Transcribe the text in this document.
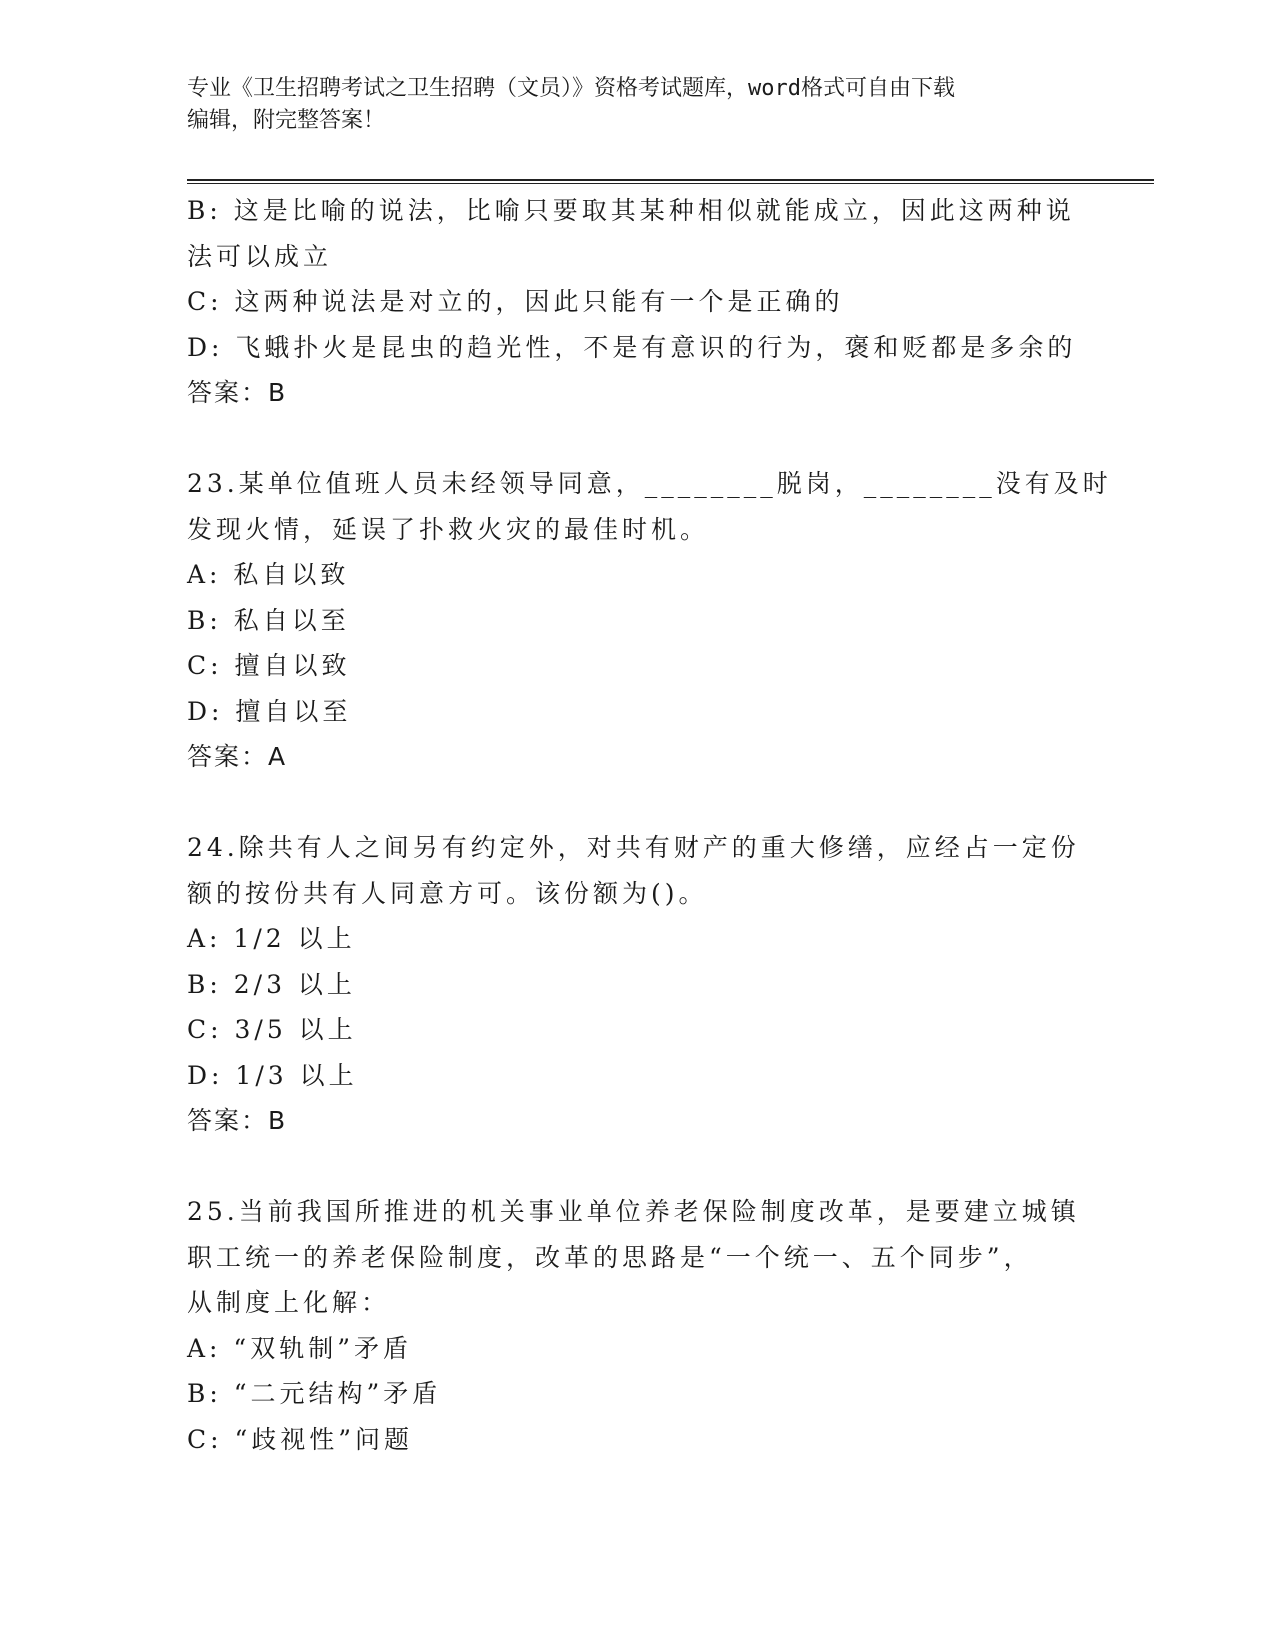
专业《卫生招聘考试之卫生招聘（文员）》资格考试题库，word格式可自由下载
编辑，附完整答案！
B: 这是比喻的说法，比喻只要取其某种相似就能成立，因此这两种说
法可以成立
C: 这两种说法是对立的，因此只能有一个是正确的
D: 飞蛾扑火是昆虫的趋光性，不是有意识的行为，褒和贬都是多余的
答案：B
23.某单位值班人员未经领导同意，________脱岗，________没有及时
发现火情，延误了扑救火灾的最佳时机。
A: 私自以致
B: 私自以至
C: 擅自以致
D: 擅自以至
答案：A
24.除共有人之间另有约定外，对共有财产的重大修缮，应经占一定份
额的按份共有人同意方可。该份额为()。
A: 1/2 以上
B: 2/3 以上
C: 3/5 以上
D: 1/3 以上
答案：B
25.当前我国所推进的机关事业单位养老保险制度改革，是要建立城镇
职工统一的养老保险制度，改革的思路是“一个统一、五个同步”，
从制度上化解：
A: “双轨制”矛盾
B: “二元结构”矛盾
C: “歧视性”问题
